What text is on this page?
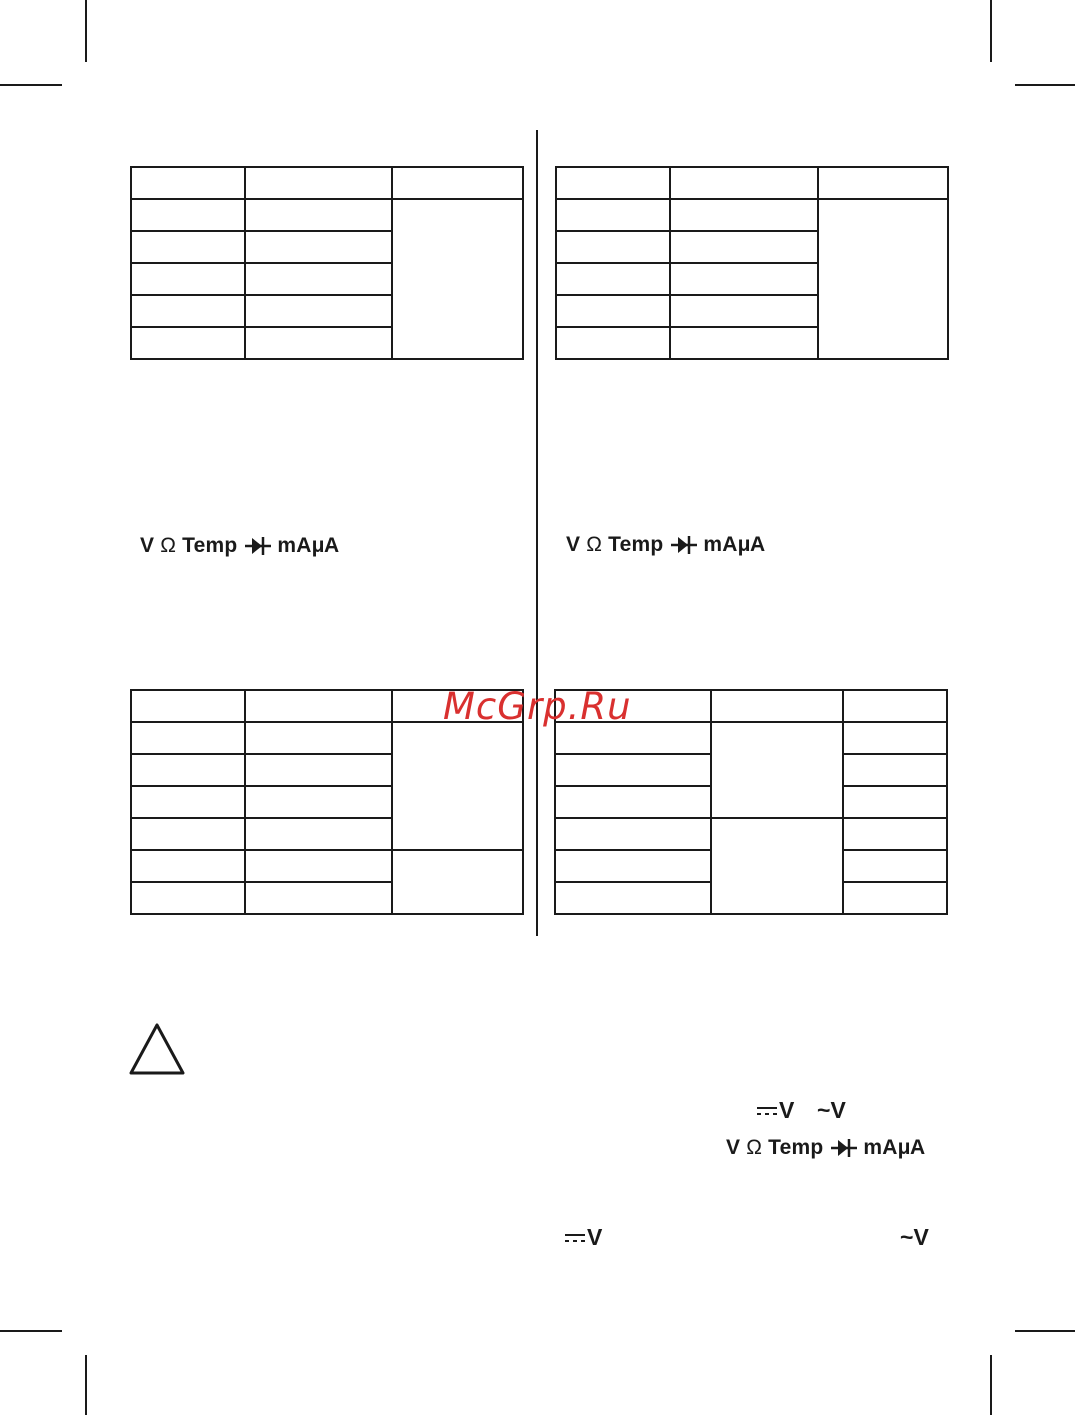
V Ω Temp mA μA	V Ω Temp mA μA

McGrp.Ru
V ~ V
V Ω Temp mA μA
V	~ V
